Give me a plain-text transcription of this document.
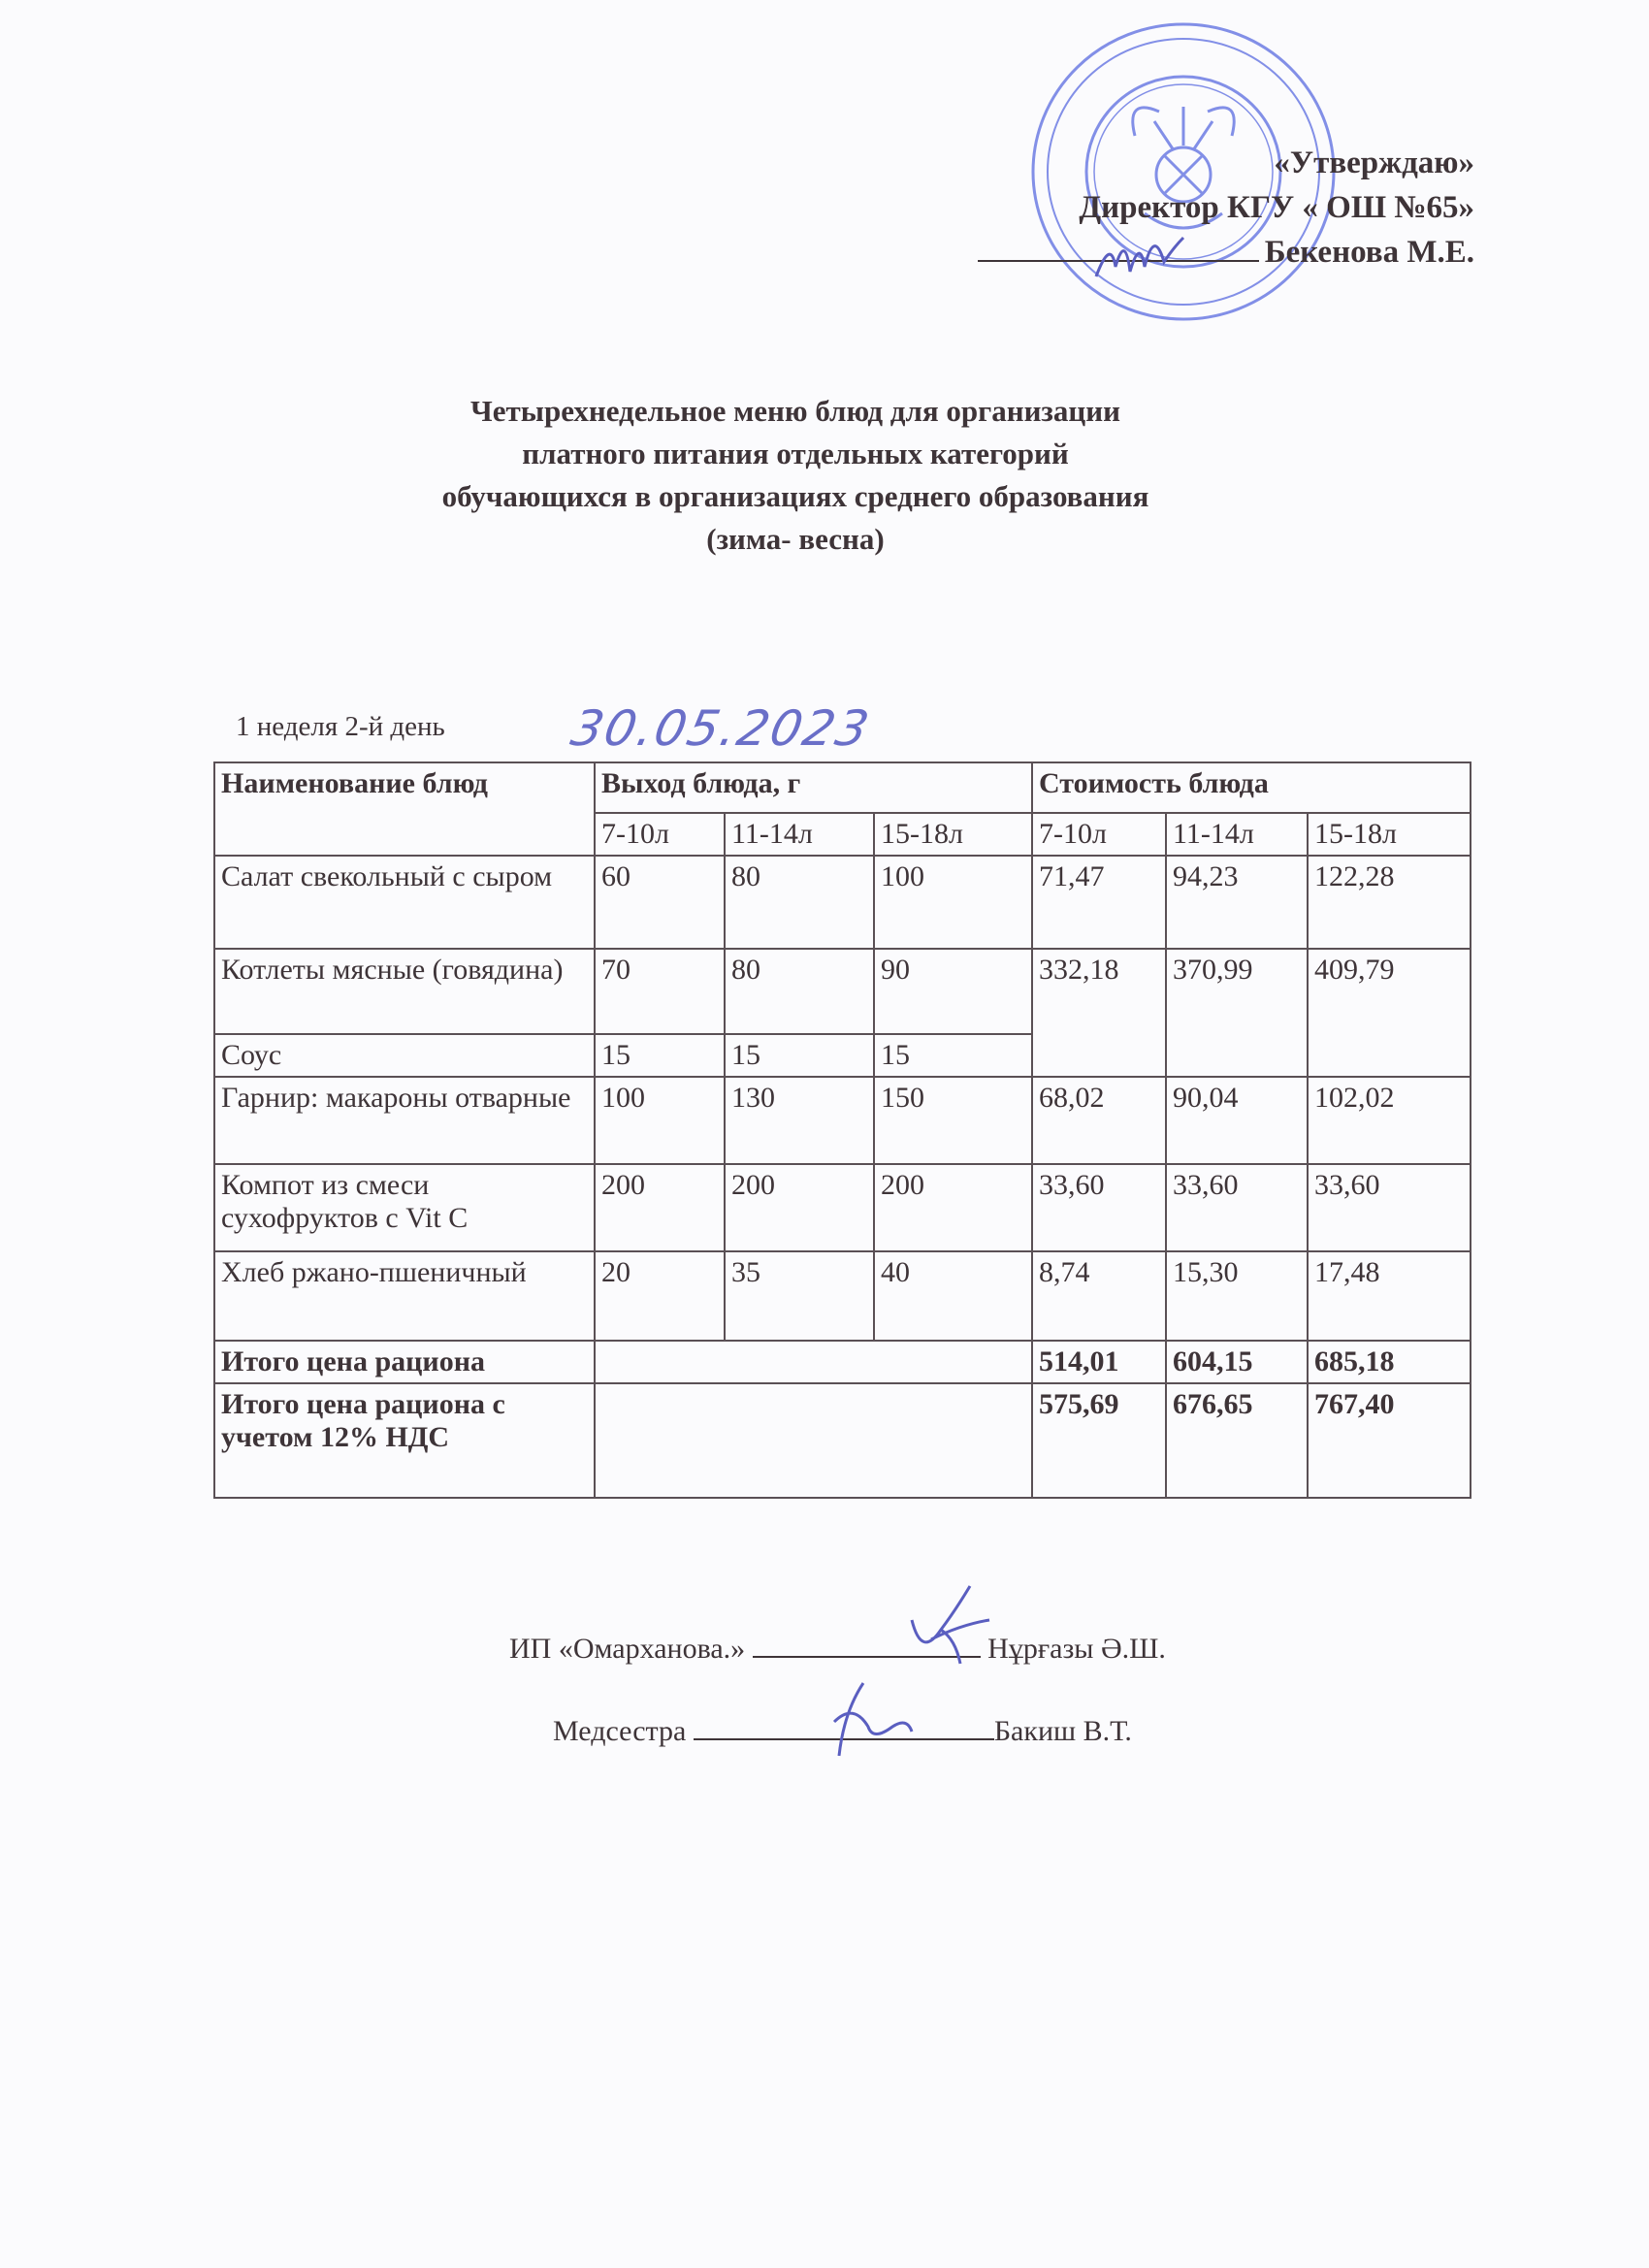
«Утверждаю»
Директор КГУ « ОШ №65»
Бекенова М.Е.
Четырехнедельное меню блюд для организации
платного питания отдельных категорий
обучающихся в организациях среднего образования
(зима- весна)
1 неделя 2-й день	30.05.2023
Наименование блюд	Выход блюда, г			Стоимость блюда		
	7-10л	11-14л	15-18л	7-10л	11-14л	15-18л
Салат свекольный с сыром	60	80	100	71,47	94,23	122,28
Котлеты мясные (говядина)	70	80	90	332,18	370,99	409,79
Соус	15	15	15			
Гарнир: макароны отварные	100	130	150	68,02	90,04	102,02
Компот из смеси сухофруктов с Vit C	200	200	200	33,60	33,60	33,60
Хлеб ржано-пшеничный	20	35	40	8,74	15,30	17,48
Итого цена рациона				514,01	604,15	685,18
Итого цена рациона с учетом 12% НДС				575,69	676,65	767,40
ИП «Омарханова.»	Нұрғазы Ә.Ш.
Медсестра	Бакиш В.Т.
